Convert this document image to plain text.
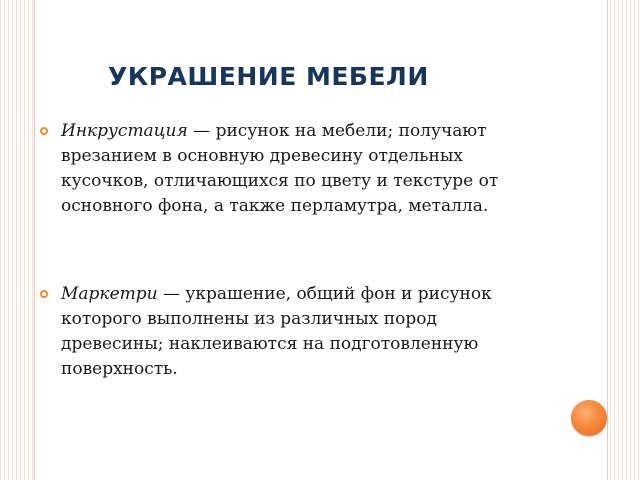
УКРАШЕНИЕ МЕБЕЛИ
Инкрустация — рисунок на мебели; получают врезанием в основную древесину отдельных кусочков, отличающихся по цвету и текстуре от основного фона, а также перламутра, металла.
Маркетри — украшение, общий фон и рисунок которого выполнены из различных пород древесины; наклеиваются на подготовленную поверхность.
